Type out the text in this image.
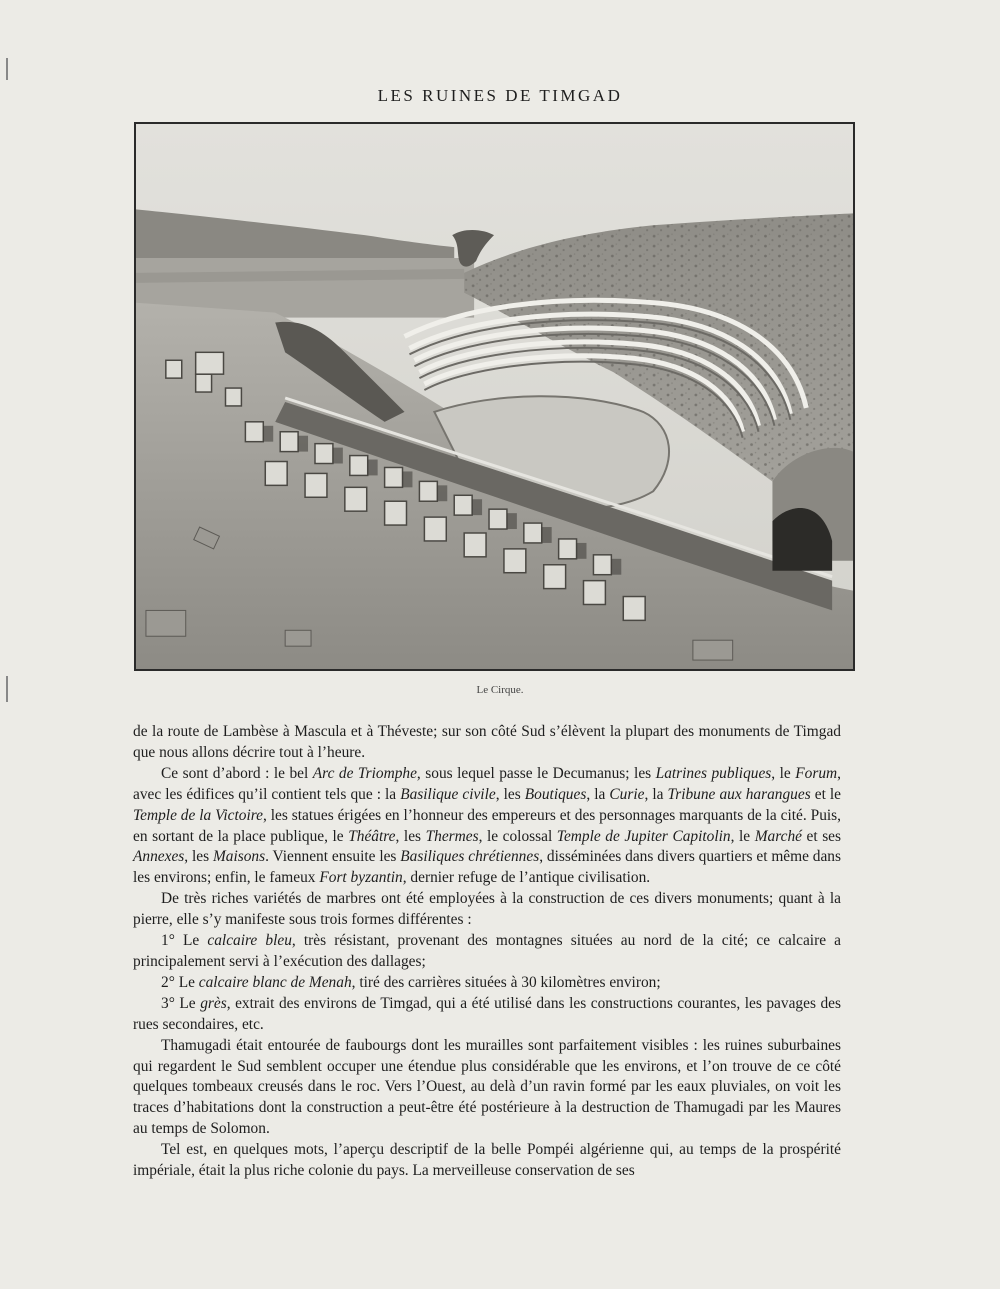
LES RUINES DE TIMGAD
Le Cirque.

de la route de Lambèse à Mascula et à Théveste; sur son côté Sud s’élèvent la plupart des monuments de Timgad que nous allons décrire tout à l’heure.

Ce sont d’abord : le bel Arc de Triomphe, sous lequel passe le Decumanus; les Latrines publiques, le Forum, avec les édifices qu’il contient tels que : la Basilique civile, les Boutiques, la Curie, la Tribune aux harangues et le Temple de la Victoire, les statues érigées en l’honneur des empereurs et des personnages marquants de la cité. Puis, en sortant de la place publique, le Théâtre, les Thermes, le colossal Temple de Jupiter Capitolin, le Marché et ses Annexes, les Maisons. Viennent ensuite les Basiliques chrétiennes, disséminées dans divers quartiers et même dans les environs; enfin, le fameux Fort byzantin, dernier refuge de l’antique civilisation.

De très riches variétés de marbres ont été employées à la construction de ces divers monuments; quant à la pierre, elle s’y manifeste sous trois formes différentes :

1° Le calcaire bleu, très résistant, provenant des montagnes situées au nord de la cité; ce calcaire a principalement servi à l’exécution des dallages;

2° Le calcaire blanc de Menah, tiré des carrières situées à 30 kilomètres environ;

3° Le grès, extrait des environs de Timgad, qui a été utilisé dans les constructions courantes, les pavages des rues secondaires, etc.

Thamugadi était entourée de faubourgs dont les murailles sont parfaitement visibles : les ruines suburbaines qui regardent le Sud semblent occuper une étendue plus considérable que les environs, et l’on trouve de ce côté quelques tombeaux creusés dans le roc. Vers l’Ouest, au delà d’un ravin formé par les eaux pluviales, on voit les traces d’habitations dont la construction a peut-être été postérieure à la destruction de Thamugadi par les Maures au temps de Solomon.

Tel est, en quelques mots, l’aperçu descriptif de la belle Pompéi algérienne qui, au temps de la prospérité impériale, était la plus riche colonie du pays. La merveilleuse conservation de ses
